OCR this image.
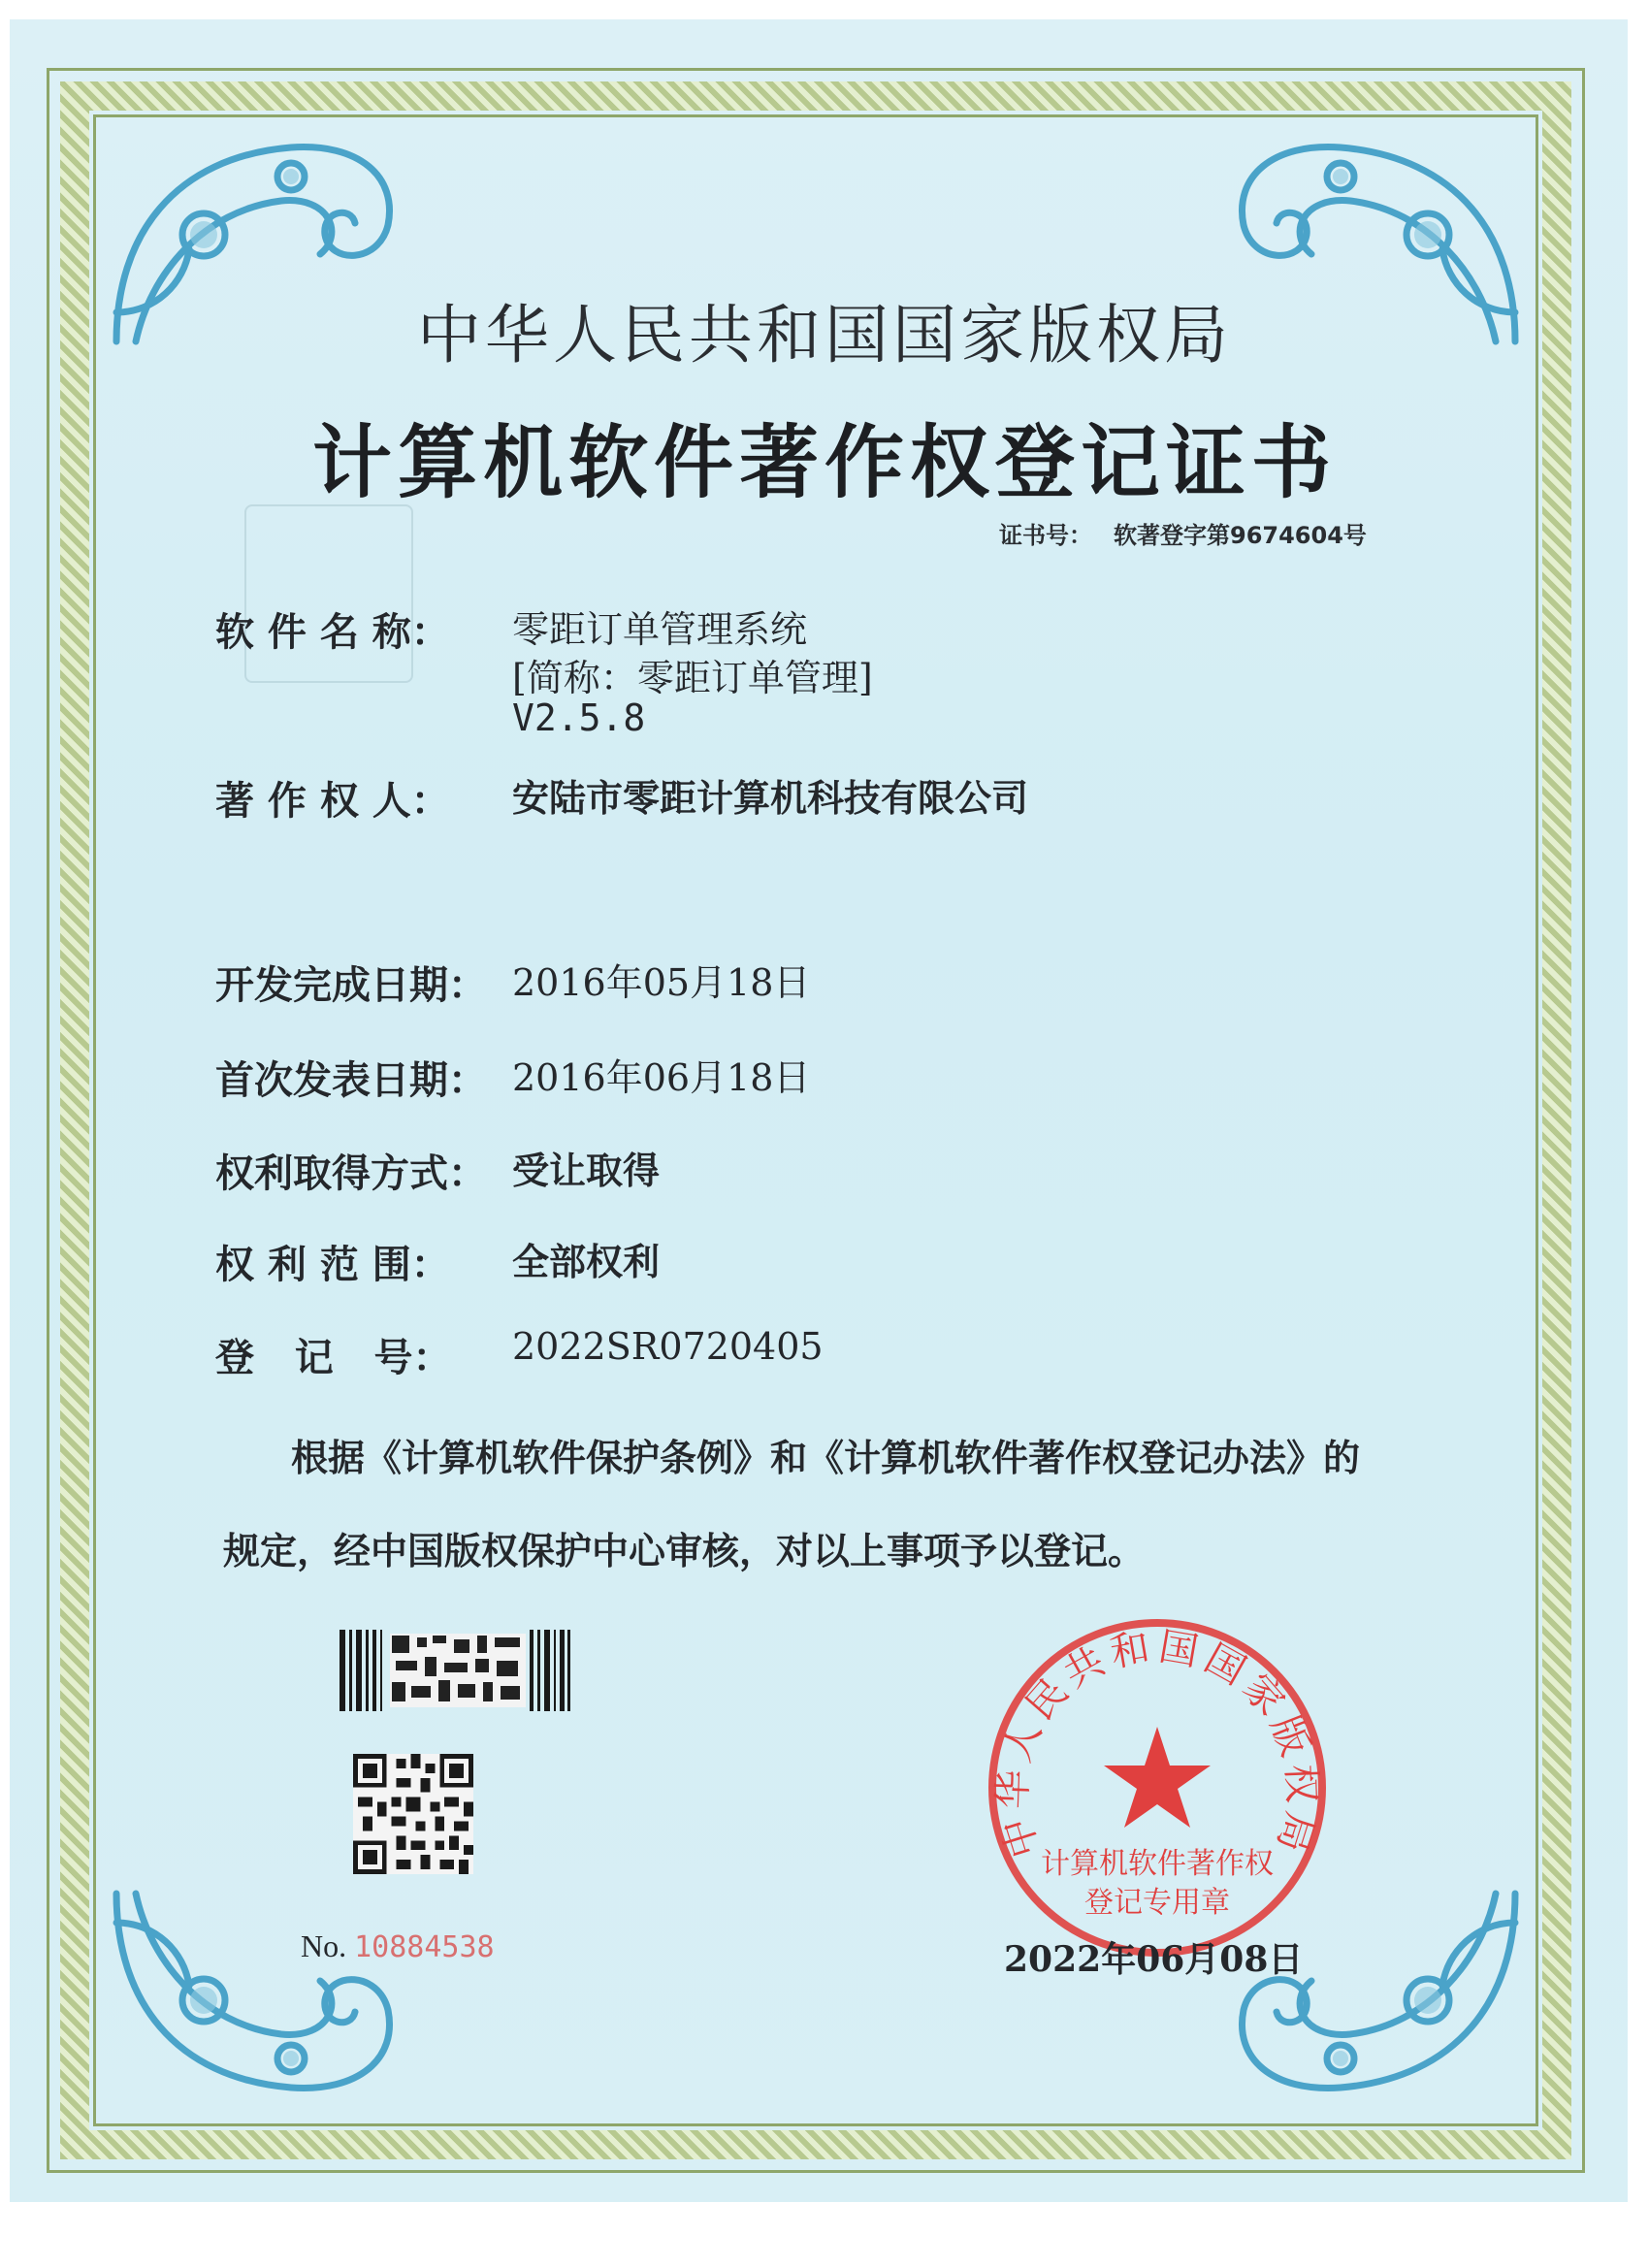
中华人民共和国国家版权局
计算机软件著作权登记证书
证书号： 软著登字第9674604号
软 件 名 称： 零距订单管理系统
[简称：零距订单管理]
V2.5.8
著 作 权 人： 安陆市零距计算机科技有限公司
开发完成日期： 2016年05月18日
首次发表日期： 2016年06月18日
权利取得方式： 受让取得
权 利 范 围： 全部权利
登   记   号： 2022SR0720405
根据《计算机软件保护条例》和《计算机软件著作权登记办法》的
规定，经中国版权保护中心审核，对以上事项予以登记。
No. 10884538
中华人民共和国国家版权局
计算机软件著作权
登记专用章
2022年06月08日
